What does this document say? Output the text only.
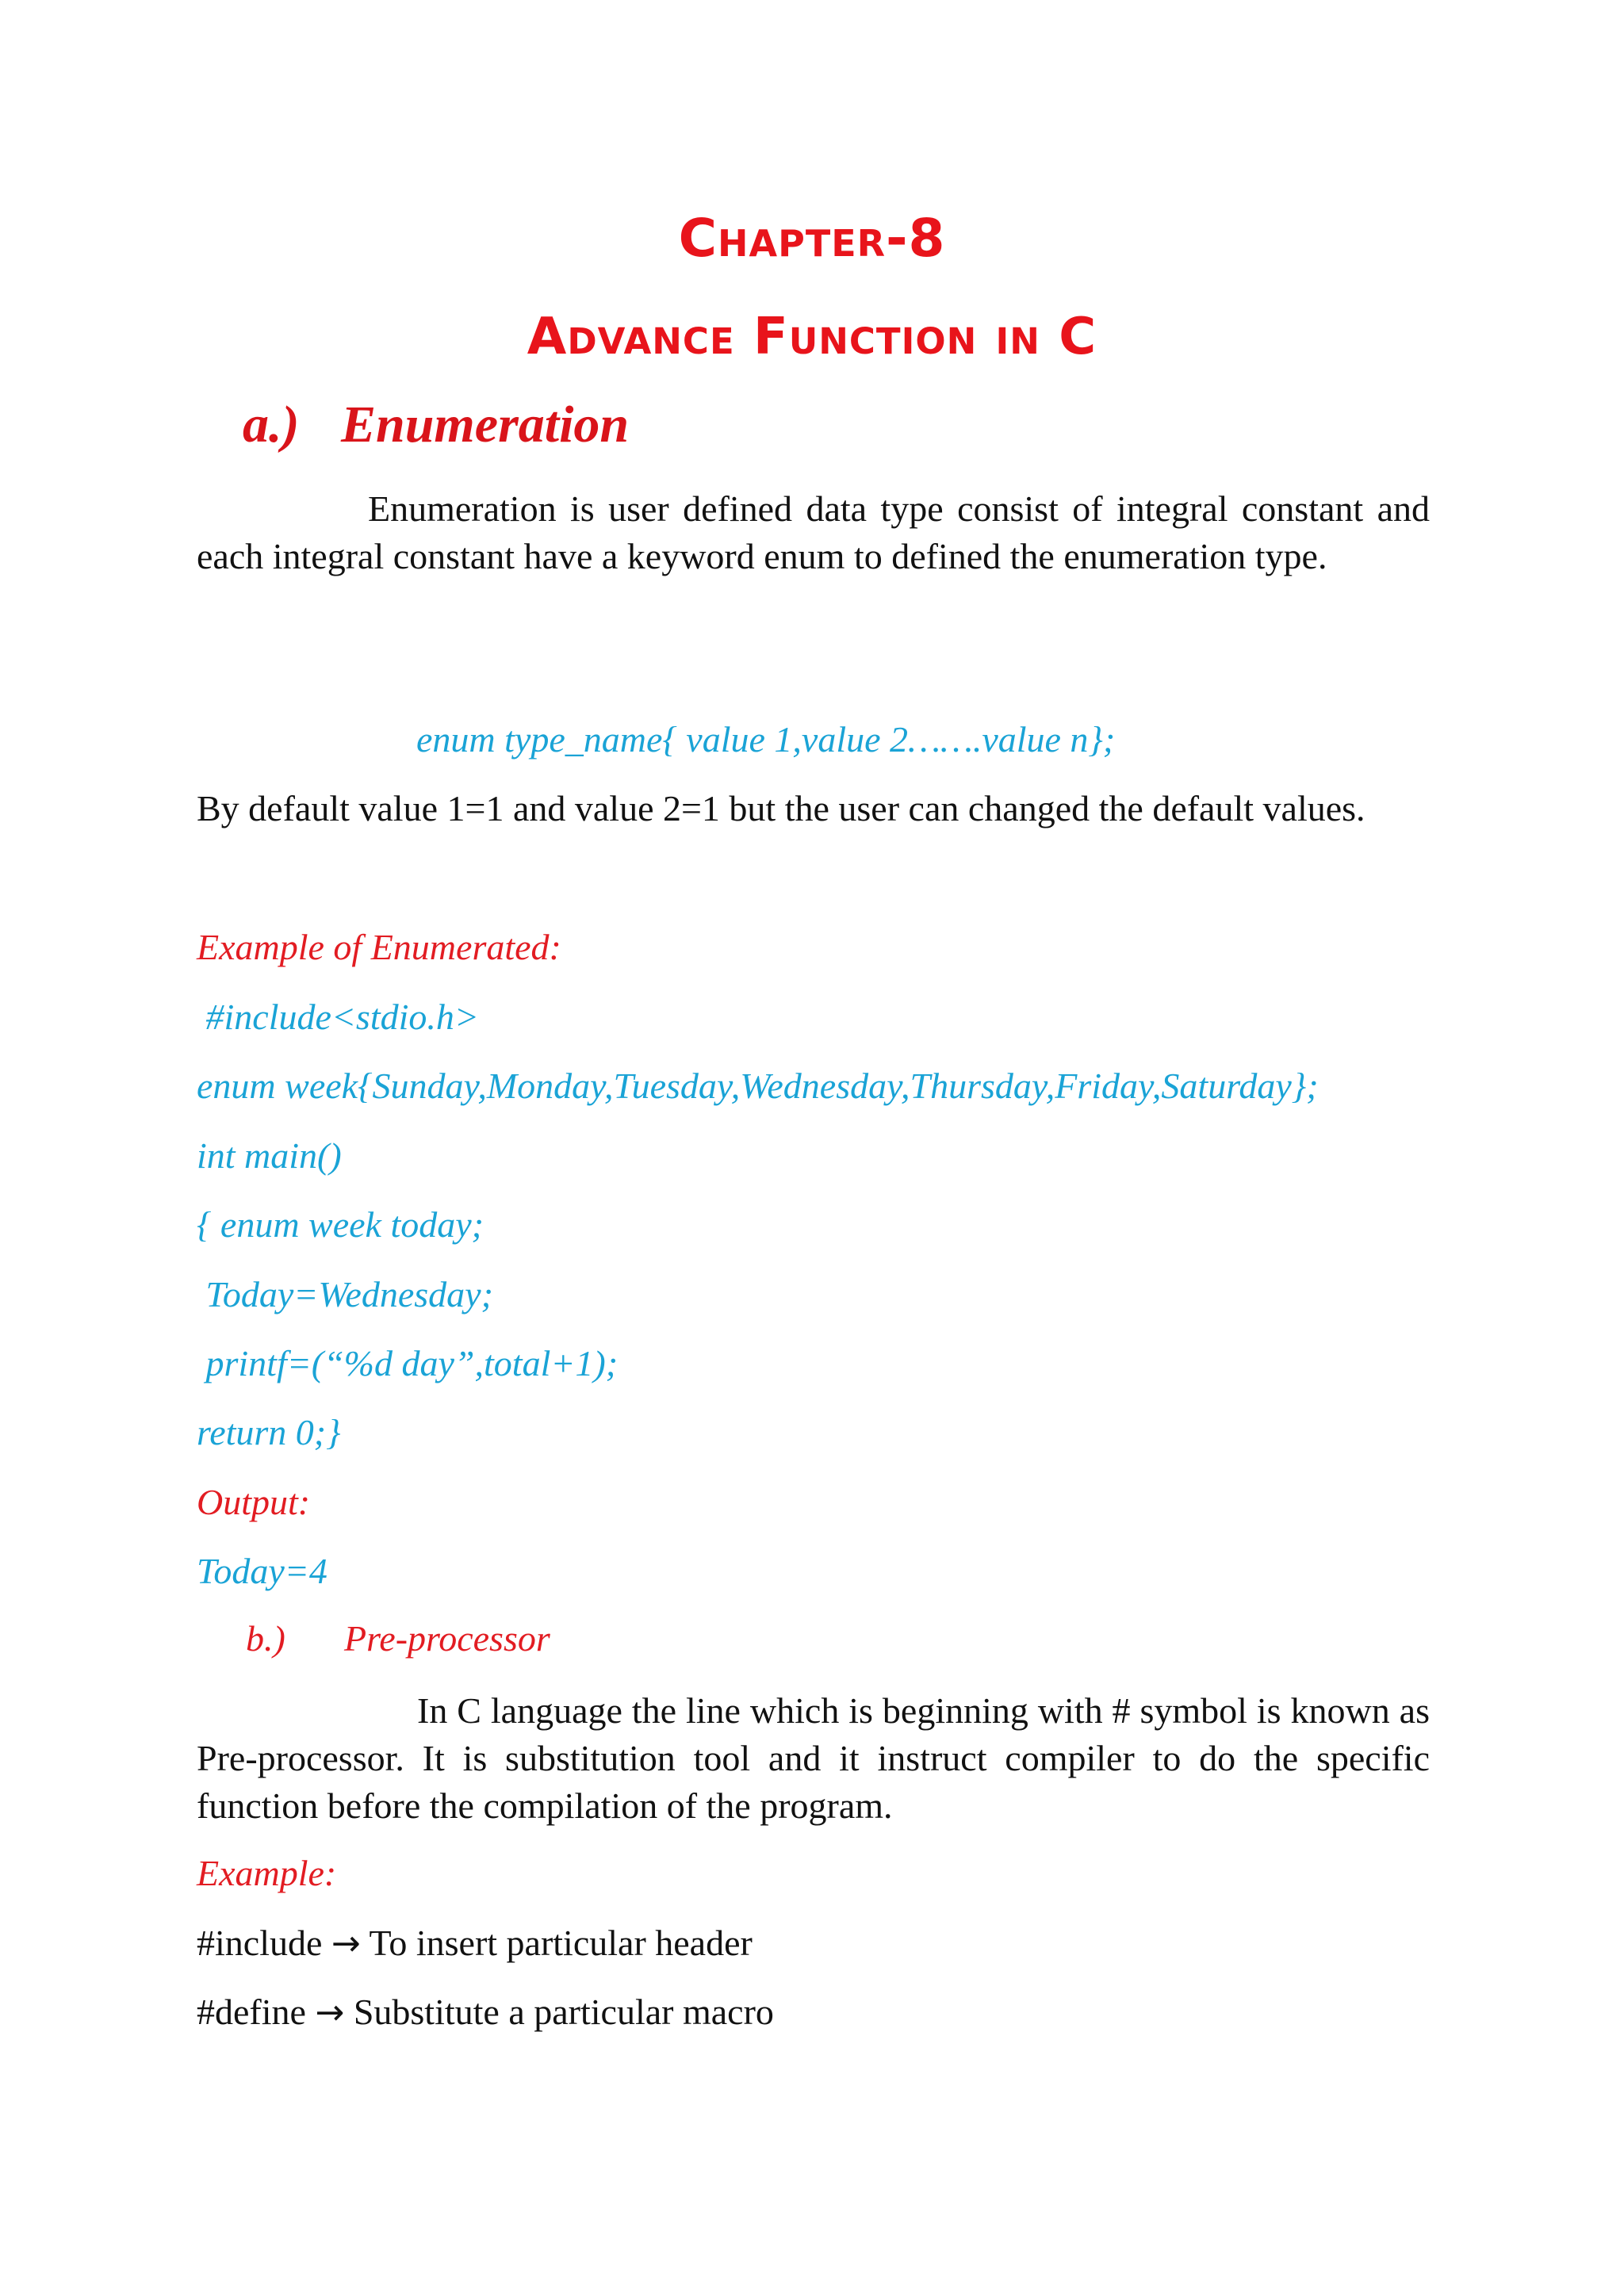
Chapter-8
Advance Function in C
a.) Enumeration
Enumeration is user defined data type consist of integral constant and each integral constant have a keyword enum to defined the enumeration type.
enum type_name{ value 1,value 2…….value n};
By default value 1=1 and value 2=1 but the user can changed the default values.
Example of Enumerated:
#include<stdio.h>
enum week{Sunday,Monday,Tuesday,Wednesday,Thursday,Friday,Saturday};
int main()
{ enum week today;
Today=Wednesday;
printf=(“%d day”,total+1);
return 0;}
Output:
Today=4
b.) Pre-processor
In C language the line which is beginning with # symbol is known as Pre-processor. It is substitution tool and it instruct compiler to do the specific function before the compilation of the program.
Example:
#include → To insert particular header
#define → Substitute a particular macro
